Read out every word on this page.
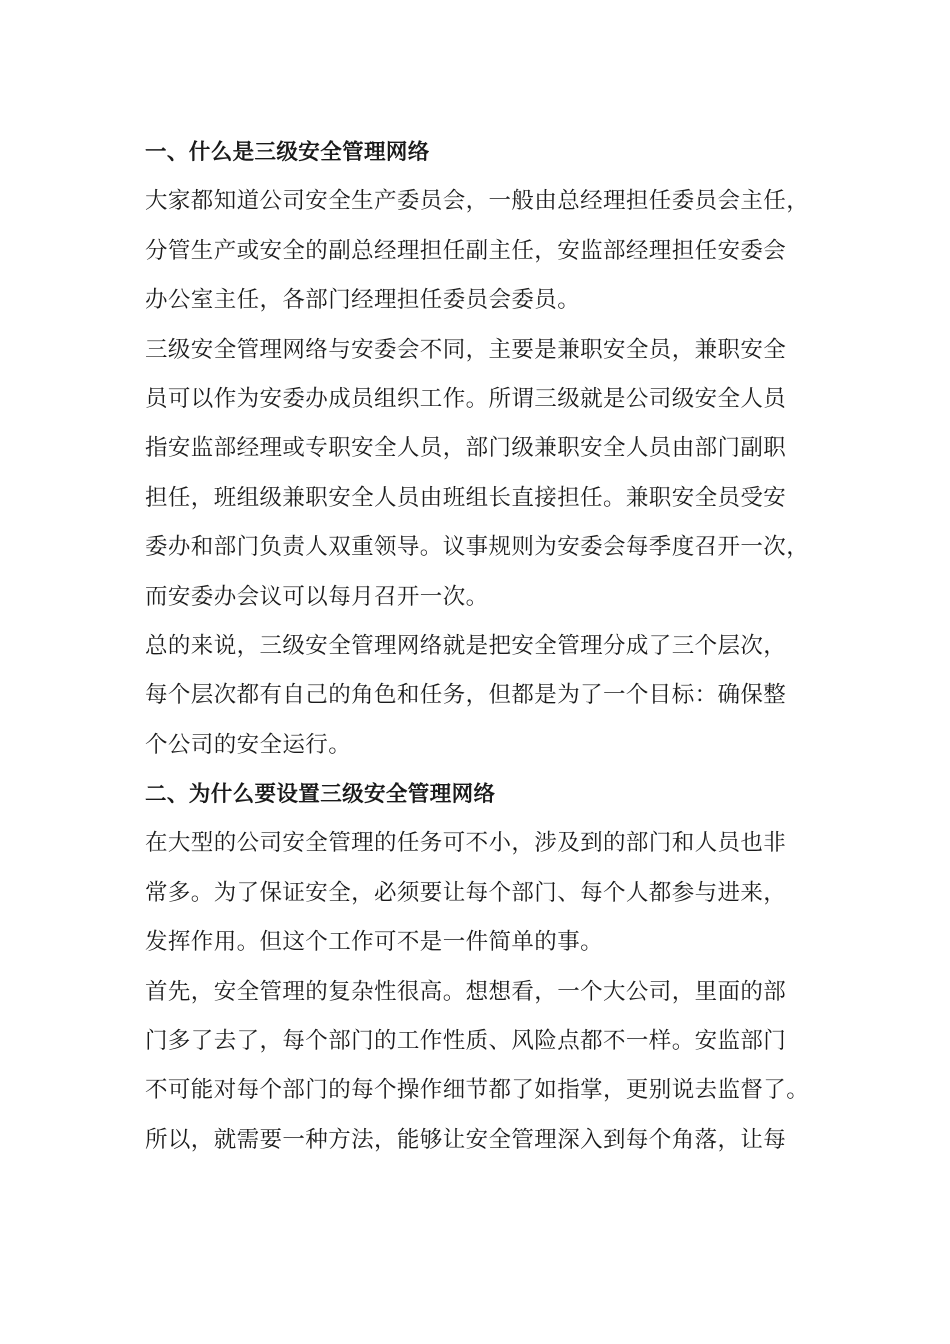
一、什么是三级安全管理网络
大家都知道公司安全生产委员会，一般由总经理担任委员会主任，
分管生产或安全的副总经理担任副主任，安监部经理担任安委会
办公室主任，各部门经理担任委员会委员。
三级安全管理网络与安委会不同，主要是兼职安全员，兼职安全
员可以作为安委办成员组织工作。所谓三级就是公司级安全人员
指安监部经理或专职安全人员，部门级兼职安全人员由部门副职
担任，班组级兼职安全人员由班组长直接担任。兼职安全员受安
委办和部门负责人双重领导。议事规则为安委会每季度召开一次，
而安委办会议可以每月召开一次。
总的来说，三级安全管理网络就是把安全管理分成了三个层次，
每个层次都有自己的角色和任务，但都是为了一个目标：确保整
个公司的安全运行。
二、为什么要设置三级安全管理网络
在大型的公司安全管理的任务可不小，涉及到的部门和人员也非
常多。为了保证安全，必须要让每个部门、每个人都参与进来，
发挥作用。但这个工作可不是一件简单的事。
首先，安全管理的复杂性很高。想想看，一个大公司，里面的部
门多了去了，每个部门的工作性质、风险点都不一样。安监部门
不可能对每个部门的每个操作细节都了如指掌，更别说去监督了。
所以，就需要一种方法，能够让安全管理深入到每个角落，让每
